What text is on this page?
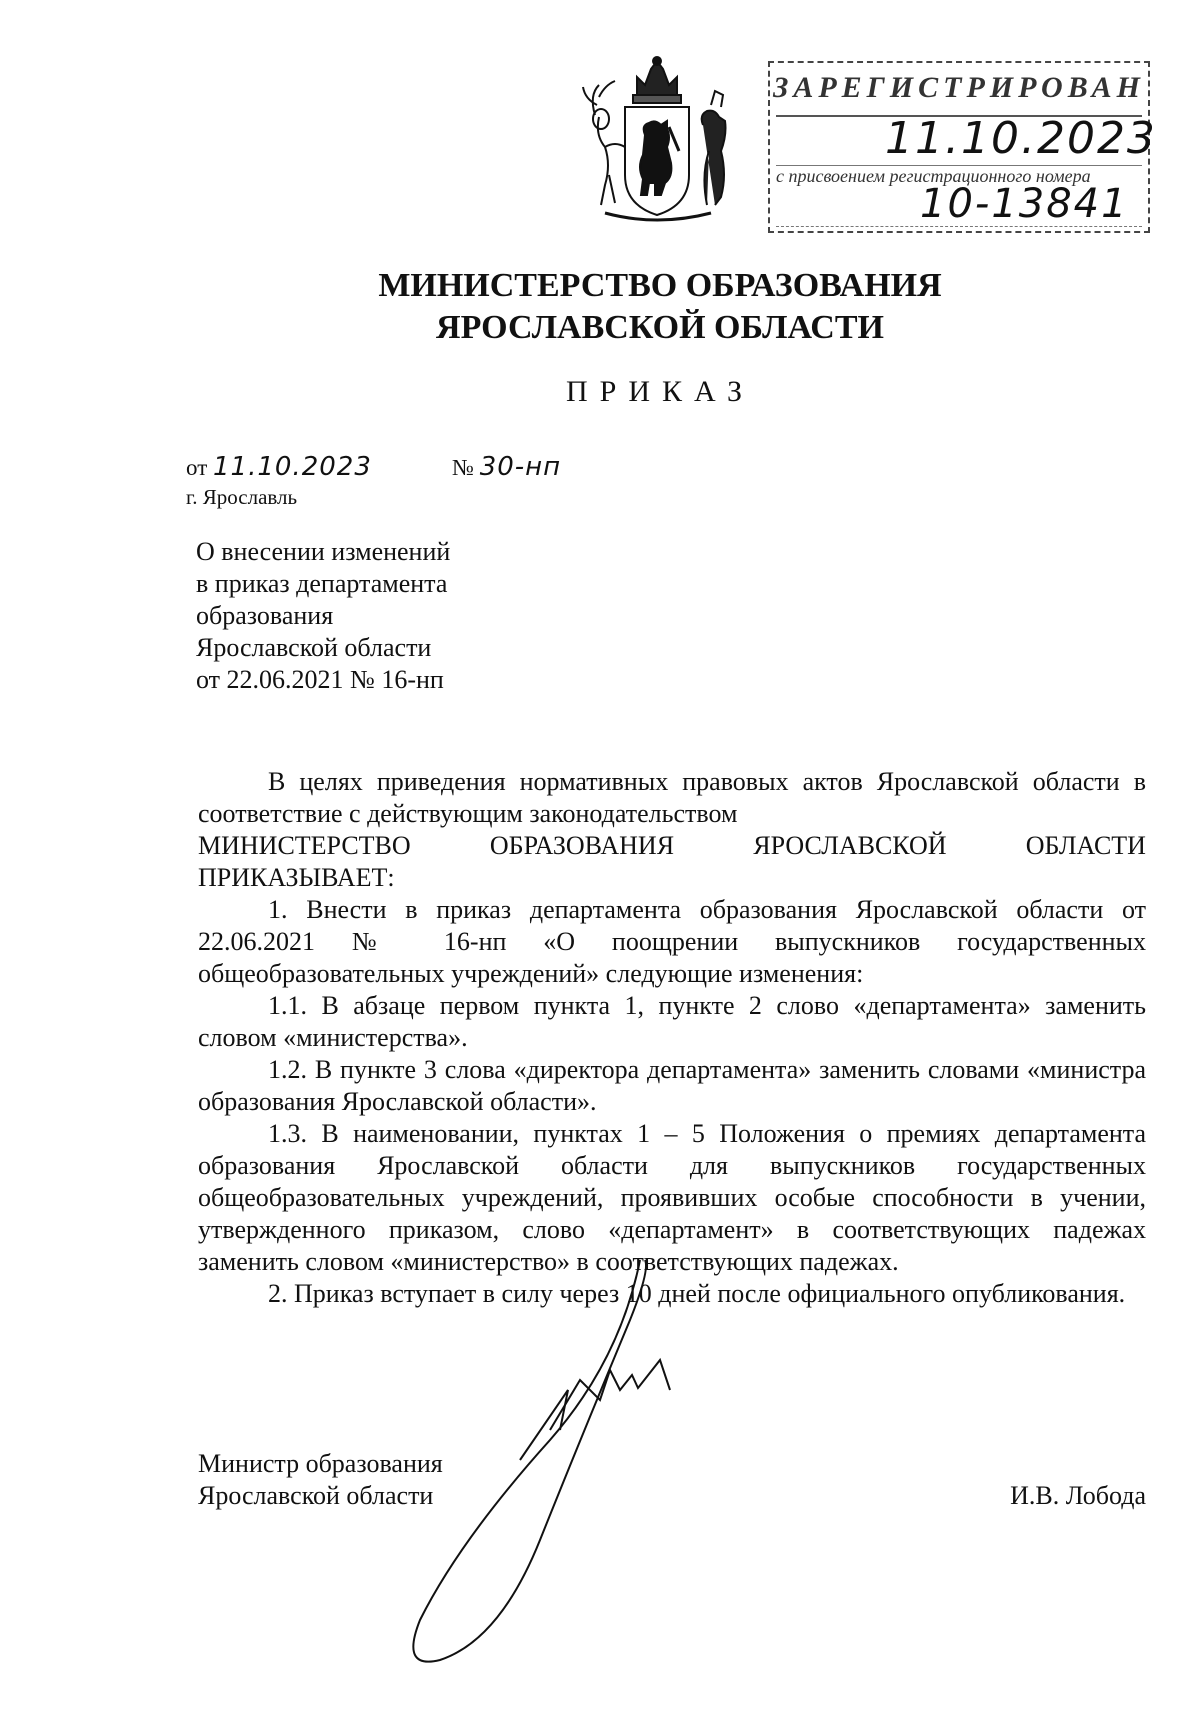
ЗАРЕГИСТРИРОВАН
11.10.2023
с присвоением регистрационного номера
10-13841
МИНИСТЕРСТВО ОБРАЗОВАНИЯ
ЯРОСЛАВСКОЙ ОБЛАСТИ
ПРИКАЗ
от 11.10.2023	№ 30-нп
г. Ярославль
О внесении изменений
в приказ департамента
образования
Ярославской области
от 22.06.2021 № 16-нп
В целях приведения нормативных правовых актов Ярославской области в соответствие с действующим законодательством
МИНИСТЕРСТВО	ОБРАЗОВАНИЯ	ЯРОСЛАВСКОЙ	ОБЛАСТИ
ПРИКАЗЫВАЕТ:
1. Внести в приказ департамента образования Ярославской области от 22.06.2021 № 16-нп «О поощрении выпускников государственных общеобразовательных учреждений» следующие изменения:
1.1. В абзаце первом пункта 1, пункте 2 слово «департамента» заменить словом «министерства».
1.2. В пункте 3 слова «директора департамента» заменить словами «министра образования Ярославской области».
1.3. В наименовании, пунктах 1 – 5 Положения о премиях департамента образования Ярославской области для выпускников государственных общеобразовательных учреждений, проявивших особые способности в учении, утвержденного приказом, слово «департамент» в соответствующих падежах заменить словом «министерство» в соответствующих падежах.
2. Приказ вступает в силу через 10 дней после официального опубликования.
Министр образования
Ярославской области	И.В. Лобода
